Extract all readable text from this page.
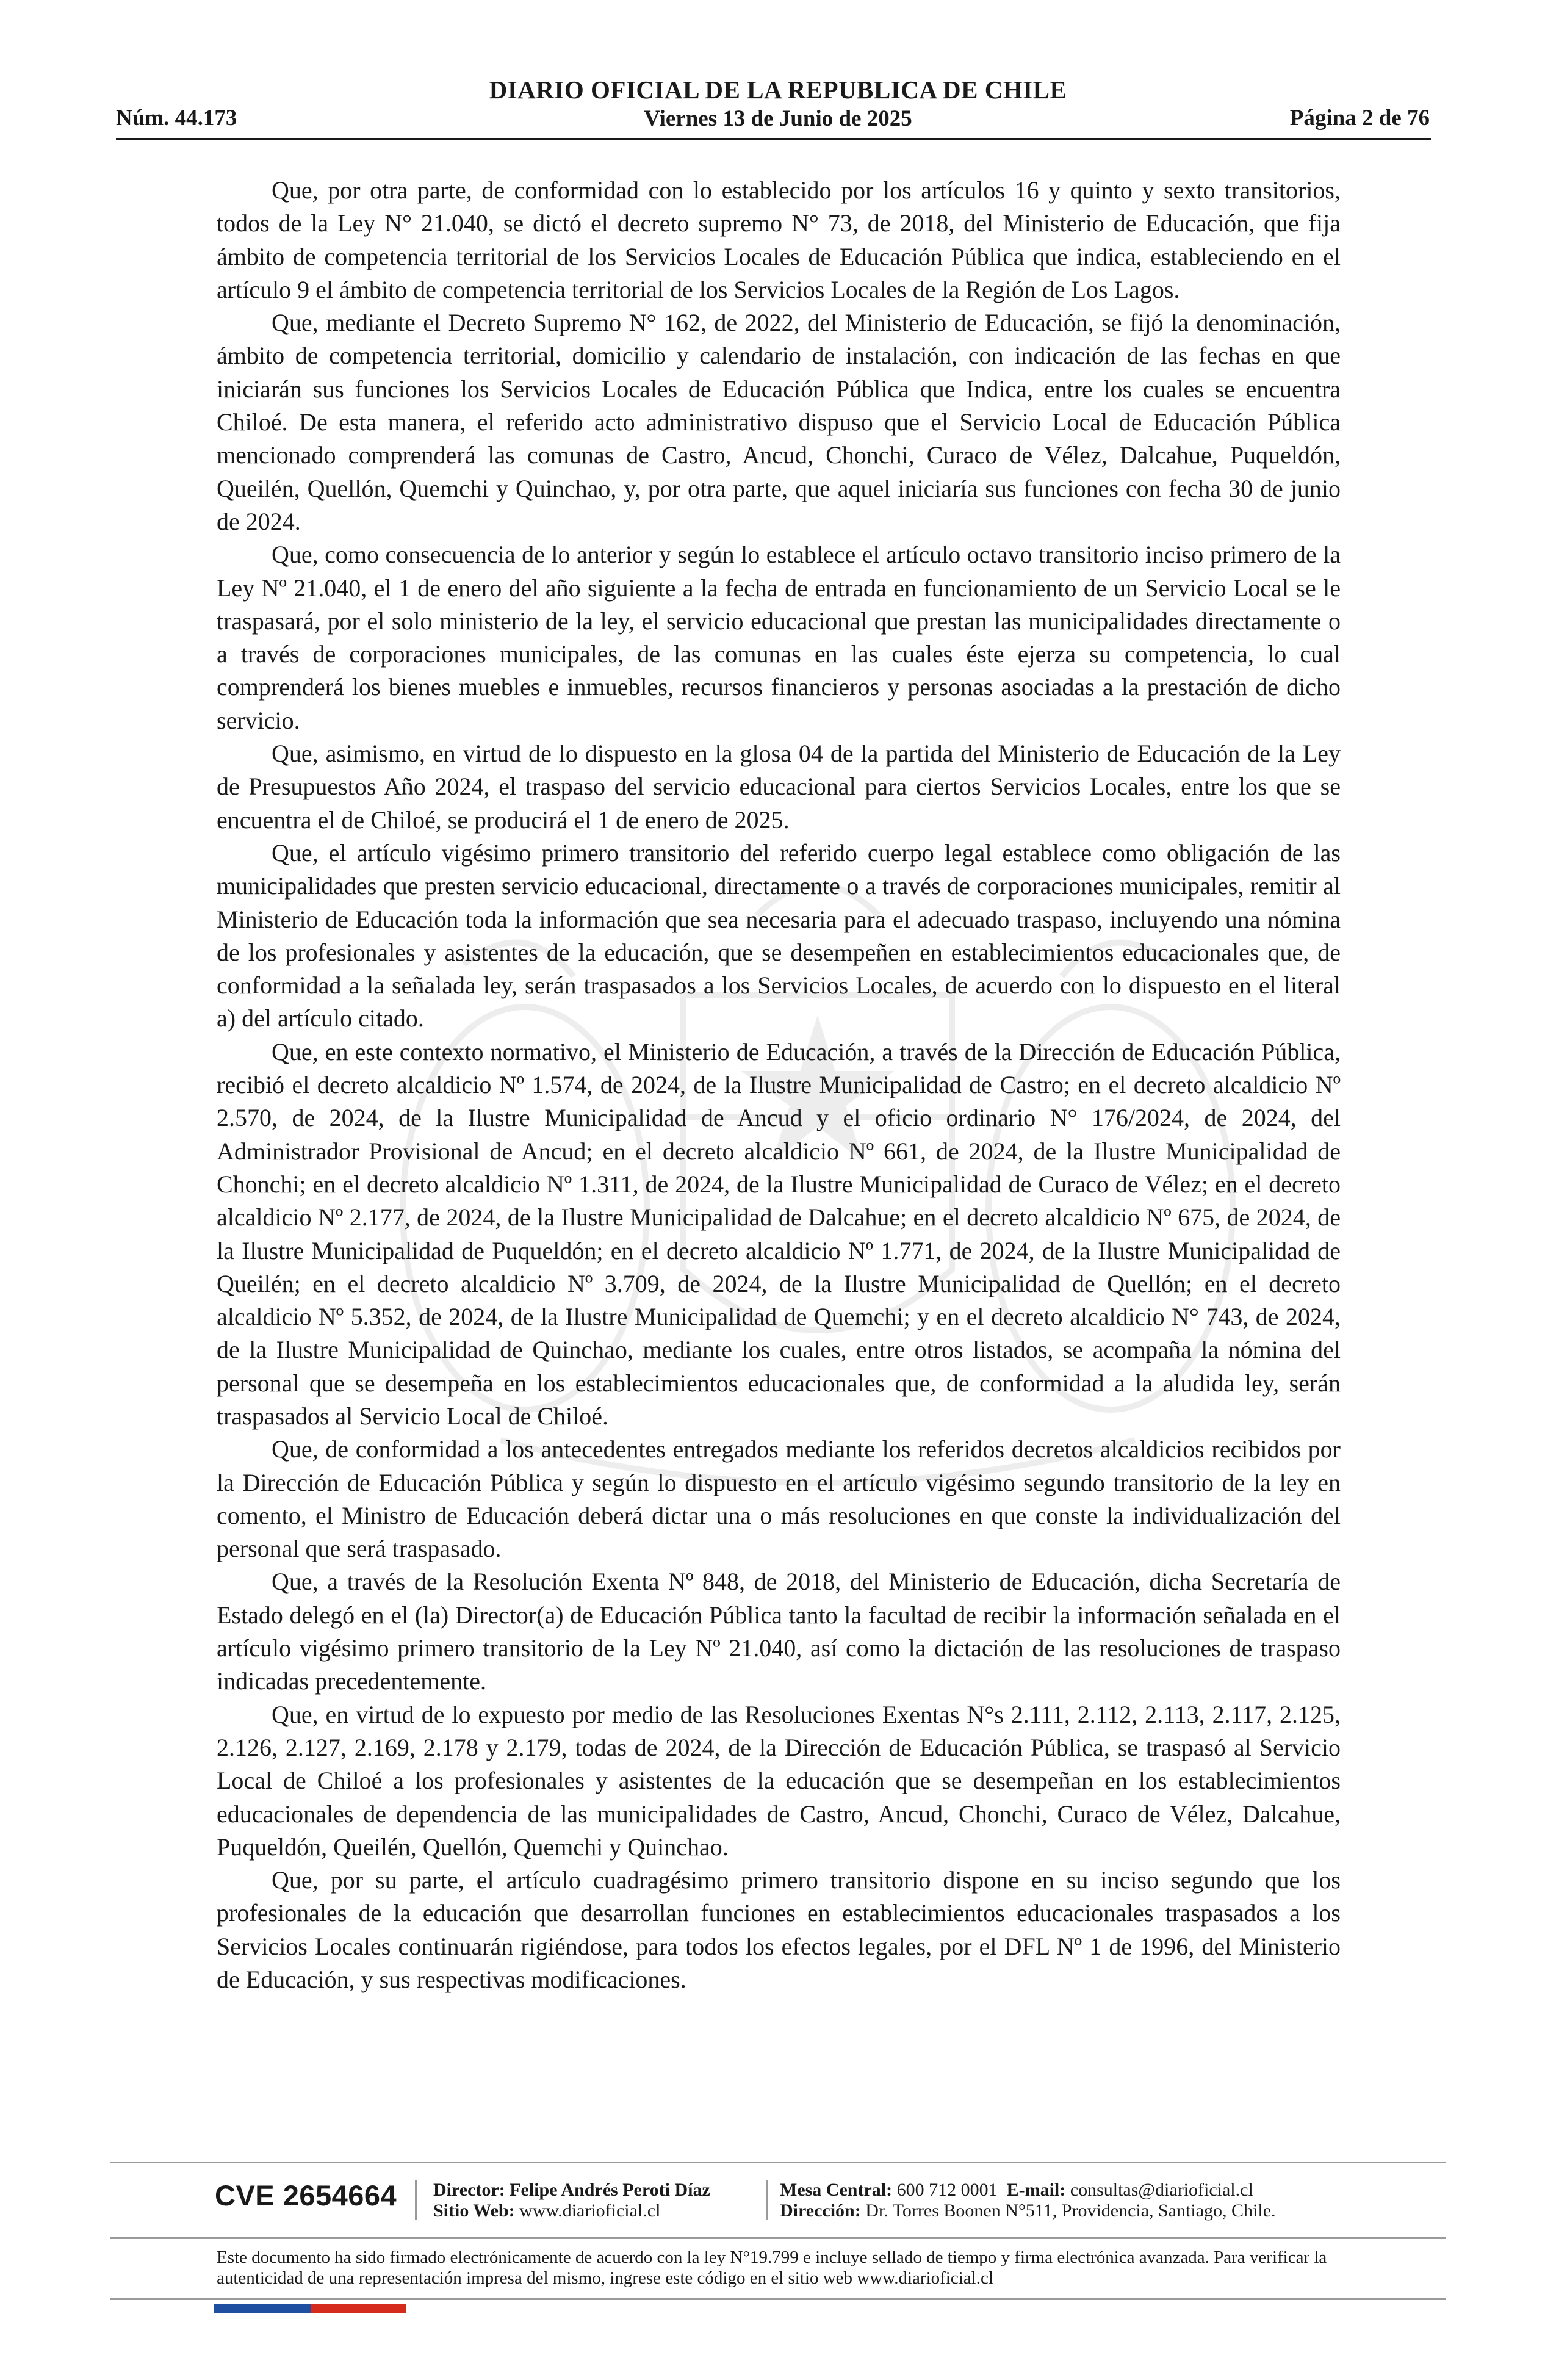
DIARIO OFICIAL DE LA REPUBLICA DE CHILE
Viernes 13 de Junio de 2025
Núm. 44.173	Página 2 de 76

Que, por otra parte, de conformidad con lo establecido por los artículos 16 y quinto y sexto transitorios, todos de la Ley N° 21.040, se dictó el decreto supremo N° 73, de 2018, del Ministerio de Educación, que fija ámbito de competencia territorial de los Servicios Locales de Educación Pública que indica, estableciendo en el artículo 9 el ámbito de competencia territorial de los Servicios Locales de la Región de Los Lagos.

Que, mediante el Decreto Supremo N° 162, de 2022, del Ministerio de Educación, se fijó la denominación, ámbito de competencia territorial, domicilio y calendario de instalación, con indicación de las fechas en que iniciarán sus funciones los Servicios Locales de Educación Pública que Indica, entre los cuales se encuentra Chiloé. De esta manera, el referido acto administrativo dispuso que el Servicio Local de Educación Pública mencionado comprenderá las comunas de Castro, Ancud, Chonchi, Curaco de Vélez, Dalcahue, Puqueldón, Queilén, Quellón, Quemchi y Quinchao, y, por otra parte, que aquel iniciaría sus funciones con fecha 30 de junio de 2024.

Que, como consecuencia de lo anterior y según lo establece el artículo octavo transitorio inciso primero de la Ley Nº 21.040, el 1 de enero del año siguiente a la fecha de entrada en funcionamiento de un Servicio Local se le traspasará, por el solo ministerio de la ley, el servicio educacional que prestan las municipalidades directamente o a través de corporaciones municipales, de las comunas en las cuales éste ejerza su competencia, lo cual comprenderá los bienes muebles e inmuebles, recursos financieros y personas asociadas a la prestación de dicho servicio.

Que, asimismo, en virtud de lo dispuesto en la glosa 04 de la partida del Ministerio de Educación de la Ley de Presupuestos Año 2024, el traspaso del servicio educacional para ciertos Servicios Locales, entre los que se encuentra el de Chiloé, se producirá el 1 de enero de 2025.

Que, el artículo vigésimo primero transitorio del referido cuerpo legal establece como obligación de las municipalidades que presten servicio educacional, directamente o a través de corporaciones municipales, remitir al Ministerio de Educación toda la información que sea necesaria para el adecuado traspaso, incluyendo una nómina de los profesionales y asistentes de la educación, que se desempeñen en establecimientos educacionales que, de conformidad a la señalada ley, serán traspasados a los Servicios Locales, de acuerdo con lo dispuesto en el literal a) del artículo citado.

Que, en este contexto normativo, el Ministerio de Educación, a través de la Dirección de Educación Pública, recibió el decreto alcaldicio Nº 1.574, de 2024, de la Ilustre Municipalidad de Castro; en el decreto alcaldicio Nº 2.570, de 2024, de la Ilustre Municipalidad de Ancud y el oficio ordinario N° 176/2024, de 2024, del Administrador Provisional de Ancud; en el decreto alcaldicio Nº 661, de 2024, de la Ilustre Municipalidad de Chonchi; en el decreto alcaldicio Nº 1.311, de 2024, de la Ilustre Municipalidad de Curaco de Vélez; en el decreto alcaldicio Nº 2.177, de 2024, de la Ilustre Municipalidad de Dalcahue; en el decreto alcaldicio Nº 675, de 2024, de la Ilustre Municipalidad de Puqueldón; en el decreto alcaldicio Nº 1.771, de 2024, de la Ilustre Municipalidad de Queilén; en el decreto alcaldicio Nº 3.709, de 2024, de la Ilustre Municipalidad de Quellón; en el decreto alcaldicio Nº 5.352, de 2024, de la Ilustre Municipalidad de Quemchi; y en el decreto alcaldicio N° 743, de 2024, de la Ilustre Municipalidad de Quinchao, mediante los cuales, entre otros listados, se acompaña la nómina del personal que se desempeña en los establecimientos educacionales que, de conformidad a la aludida ley, serán traspasados al Servicio Local de Chiloé.

Que, de conformidad a los antecedentes entregados mediante los referidos decretos alcaldicios recibidos por la Dirección de Educación Pública y según lo dispuesto en el artículo vigésimo segundo transitorio de la ley en comento, el Ministro de Educación deberá dictar una o más resoluciones en que conste la individualización del personal que será traspasado.

Que, a través de la Resolución Exenta Nº 848, de 2018, del Ministerio de Educación, dicha Secretaría de Estado delegó en el (la) Director(a) de Educación Pública tanto la facultad de recibir la información señalada en el artículo vigésimo primero transitorio de la Ley Nº 21.040, así como la dictación de las resoluciones de traspaso indicadas precedentemente.

Que, en virtud de lo expuesto por medio de las Resoluciones Exentas N°s 2.111, 2.112, 2.113, 2.117, 2.125, 2.126, 2.127, 2.169, 2.178 y 2.179, todas de 2024, de la Dirección de Educación Pública, se traspasó al Servicio Local de Chiloé a los profesionales y asistentes de la educación que se desempeñan en los establecimientos educacionales de dependencia de las municipalidades de Castro, Ancud, Chonchi, Curaco de Vélez, Dalcahue, Puqueldón, Queilén, Quellón, Quemchi y Quinchao.

Que, por su parte, el artículo cuadragésimo primero transitorio dispone en su inciso segundo que los profesionales de la educación que desarrollan funciones en establecimientos educacionales traspasados a los Servicios Locales continuarán rigiéndose, para todos los efectos legales, por el DFL Nº 1 de 1996, del Ministerio de Educación, y sus respectivas modificaciones.

CVE 2654664 Director: Felipe Andrés Peroti Díaz
Sitio Web: www.diarioficial.cl
Mesa Central: 600 712 0001 E-mail: consultas@diarioficial.cl
Dirección: Dr. Torres Boonen N°511, Providencia, Santiago, Chile.
Este documento ha sido firmado electrónicamente de acuerdo con la ley N°19.799 e incluye sellado de tiempo y firma electrónica avanzada. Para verificar la autenticidad de una representación impresa del mismo, ingrese este código en el sitio web www.diarioficial.cl
